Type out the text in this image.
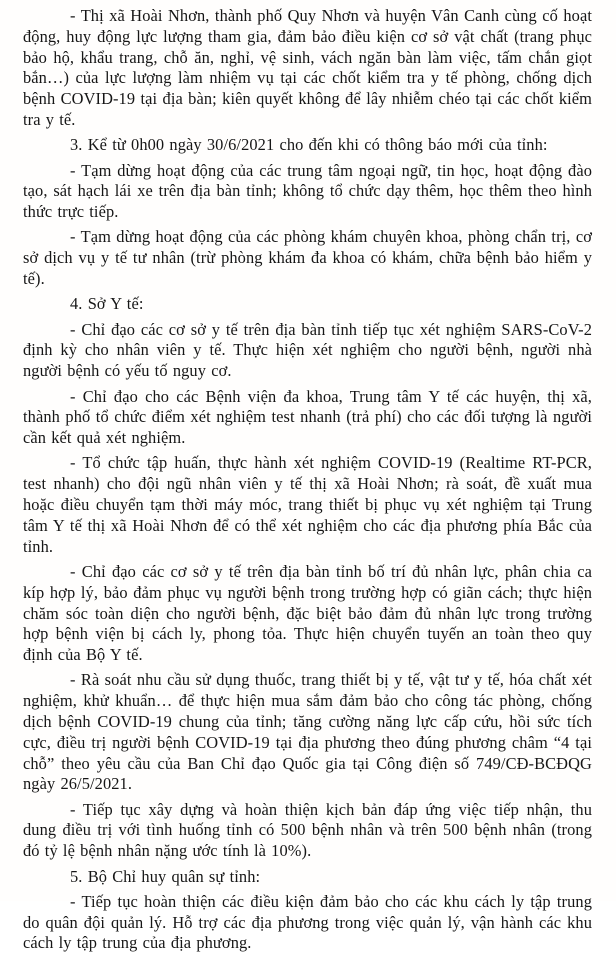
- Thị xã Hoài Nhơn, thành phố Quy Nhơn và huyện Vân Canh cùng cố hoạt động, huy động lực lượng tham gia, đảm bảo điều kiện cơ sở vật chất (trang phục bảo hộ, khẩu trang, chỗ ăn, nghỉ, vệ sinh, vách ngăn bàn làm việc, tấm chắn giọt bắn…) của lực lượng làm nhiệm vụ tại các chốt kiểm tra y tế phòng, chống dịch bệnh COVID-19 tại địa bàn; kiên quyết không để lây nhiễm chéo tại các chốt kiểm tra y tế.

3. Kể từ 0h00 ngày 30/6/2021 cho đến khi có thông báo mới của tỉnh:

- Tạm dừng hoạt động của các trung tâm ngoại ngữ, tin học, hoạt động đào tạo, sát hạch lái xe trên địa bàn tỉnh; không tổ chức dạy thêm, học thêm theo hình thức trực tiếp.

- Tạm dừng hoạt động của các phòng khám chuyên khoa, phòng chẩn trị, cơ sở dịch vụ y tế tư nhân (trừ phòng khám đa khoa có khám, chữa bệnh bảo hiểm y tế).

4. Sở Y tế:

- Chỉ đạo các cơ sở y tế trên địa bàn tỉnh tiếp tục xét nghiệm SARS-CoV-2 định kỳ cho nhân viên y tế. Thực hiện xét nghiệm cho người bệnh, người nhà người bệnh có yếu tố nguy cơ.

- Chỉ đạo cho các Bệnh viện đa khoa, Trung tâm Y tế các huyện, thị xã, thành phố tổ chức điểm xét nghiệm test nhanh (trả phí) cho các đối tượng là người cần kết quả xét nghiệm.

- Tổ chức tập huấn, thực hành xét nghiệm COVID-19 (Realtime RT-PCR, test nhanh) cho đội ngũ nhân viên y tế thị xã Hoài Nhơn; rà soát, đề xuất mua hoặc điều chuyển tạm thời máy móc, trang thiết bị phục vụ xét nghiệm tại Trung tâm Y tế thị xã Hoài Nhơn để có thể xét nghiệm cho các địa phương phía Bắc của tỉnh.

- Chỉ đạo các cơ sở y tế trên địa bàn tỉnh bố trí đủ nhân lực, phân chia ca kíp hợp lý, bảo đảm phục vụ người bệnh trong trường hợp có giãn cách; thực hiện chăm sóc toàn diện cho người bệnh, đặc biệt bảo đảm đủ nhân lực trong trường hợp bệnh viện bị cách ly, phong tỏa. Thực hiện chuyển tuyến an toàn theo quy định của Bộ Y tế.

- Rà soát nhu cầu sử dụng thuốc, trang thiết bị y tế, vật tư y tế, hóa chất xét nghiệm, khử khuẩn… để thực hiện mua sắm đảm bảo cho công tác phòng, chống dịch bệnh COVID-19 chung của tỉnh; tăng cường năng lực cấp cứu, hồi sức tích cực, điều trị người bệnh COVID-19 tại địa phương theo đúng phương châm “4 tại chỗ” theo yêu cầu của Ban Chỉ đạo Quốc gia tại Công điện số 749/CĐ-BCĐQG ngày 26/5/2021.

- Tiếp tục xây dựng và hoàn thiện kịch bản đáp ứng việc tiếp nhận, thu dung điều trị với tình huống tỉnh có 500 bệnh nhân và trên 500 bệnh nhân (trong đó tỷ lệ bệnh nhân nặng ước tính là 10%).

5. Bộ Chỉ huy quân sự tỉnh:

- Tiếp tục hoàn thiện các điều kiện đảm bảo cho các khu cách ly tập trung do quân đội quản lý. Hỗ trợ các địa phương trong việc quản lý, vận hành các khu cách ly tập trung của địa phương.
